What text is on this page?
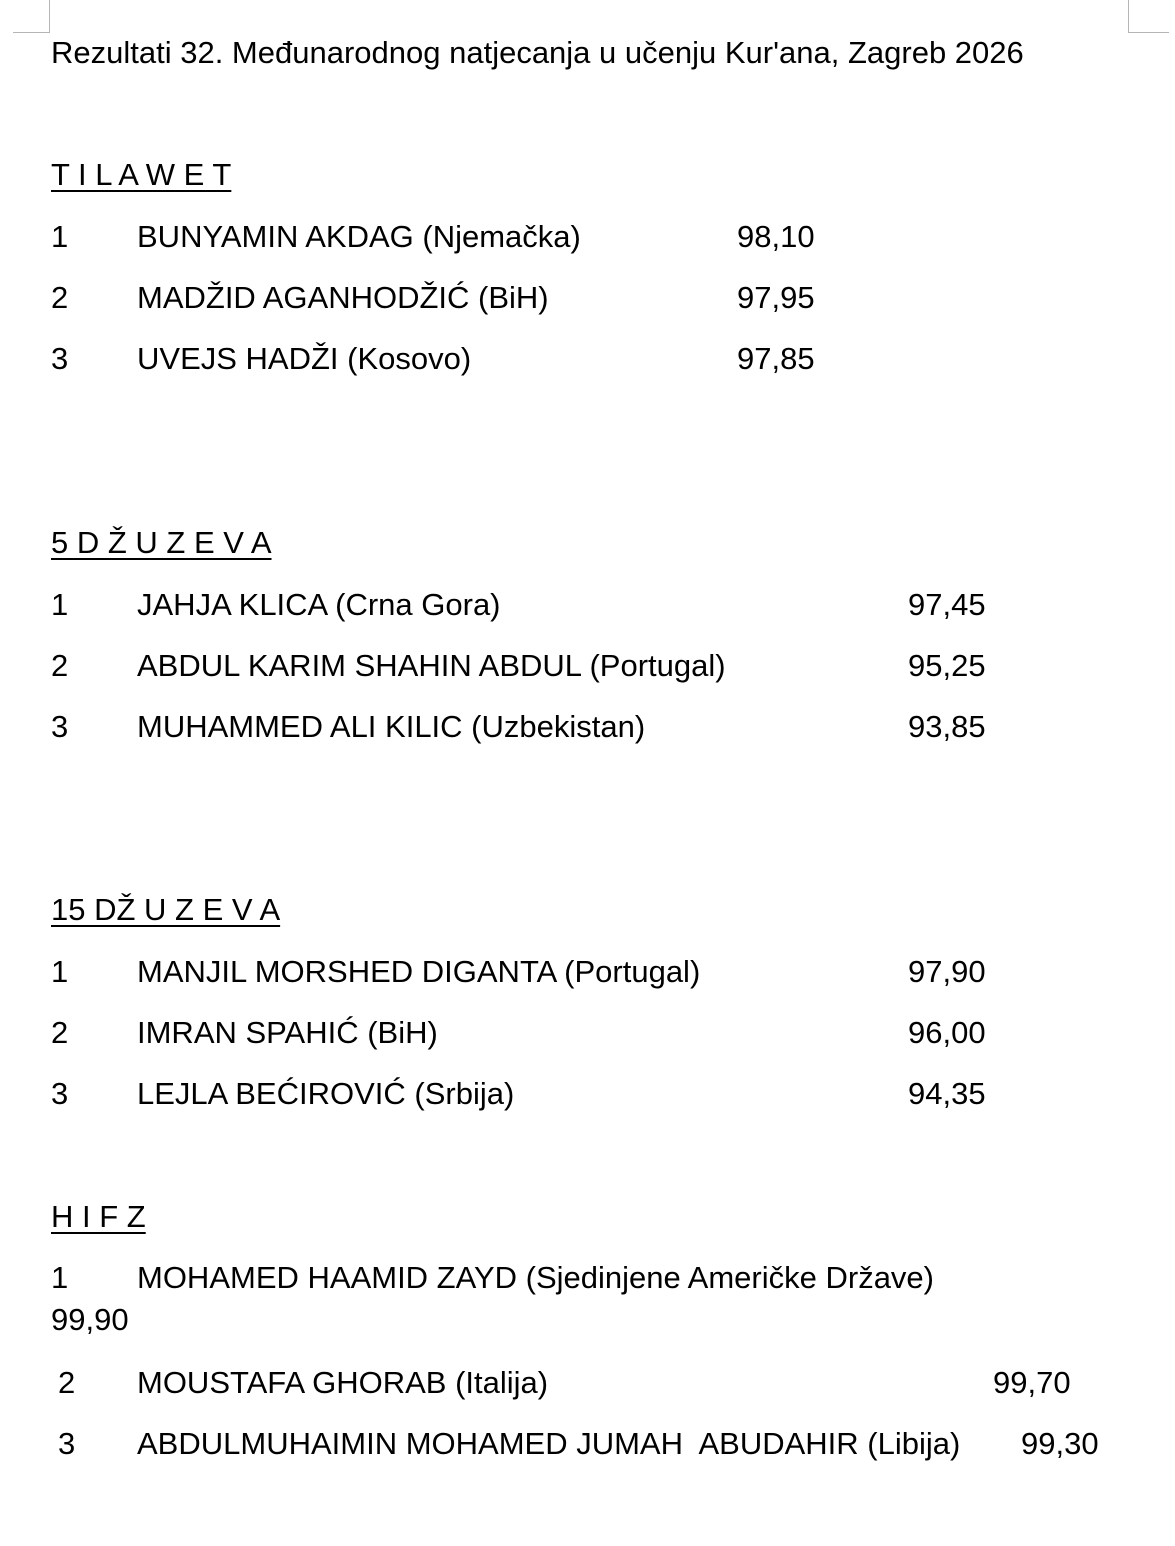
Rezultati 32. Međunarodnog natjecanja u učenju Kur'ana, Zagreb 2026
T I L A W E T
1 BUNYAMIN AKDAG (Njemačka)	98,10
2 MADŽID AGANHODŽIĆ (BiH)	97,95
3 UVEJS HADŽI (Kosovo)	97,85
5 D Ž U Z E V A
1 JAHJA KLICA (Crna Gora)	97,45
2 ABDUL KARIM SHAHIN ABDUL (Portugal)	95,25
3 MUHAMMED ALI KILIC (Uzbekistan)	93,85
15 DŽ U Z E V A
1 MANJIL MORSHED DIGANTA (Portugal)	97,90
2 IMRAN SPAHIĆ (BiH)	96,00
3 LEJLA BEĆIROVIĆ (Srbija)	94,35
H I F Z
1 MOHAMED HAAMID ZAYD (Sjedinjene Američke Države)
99,90
2 MOUSTAFA GHORAB (Italija)	99,70
3 ABDULMUHAIMIN MOHAMED JUMAH  ABUDAHIR (Libija) 99,30
